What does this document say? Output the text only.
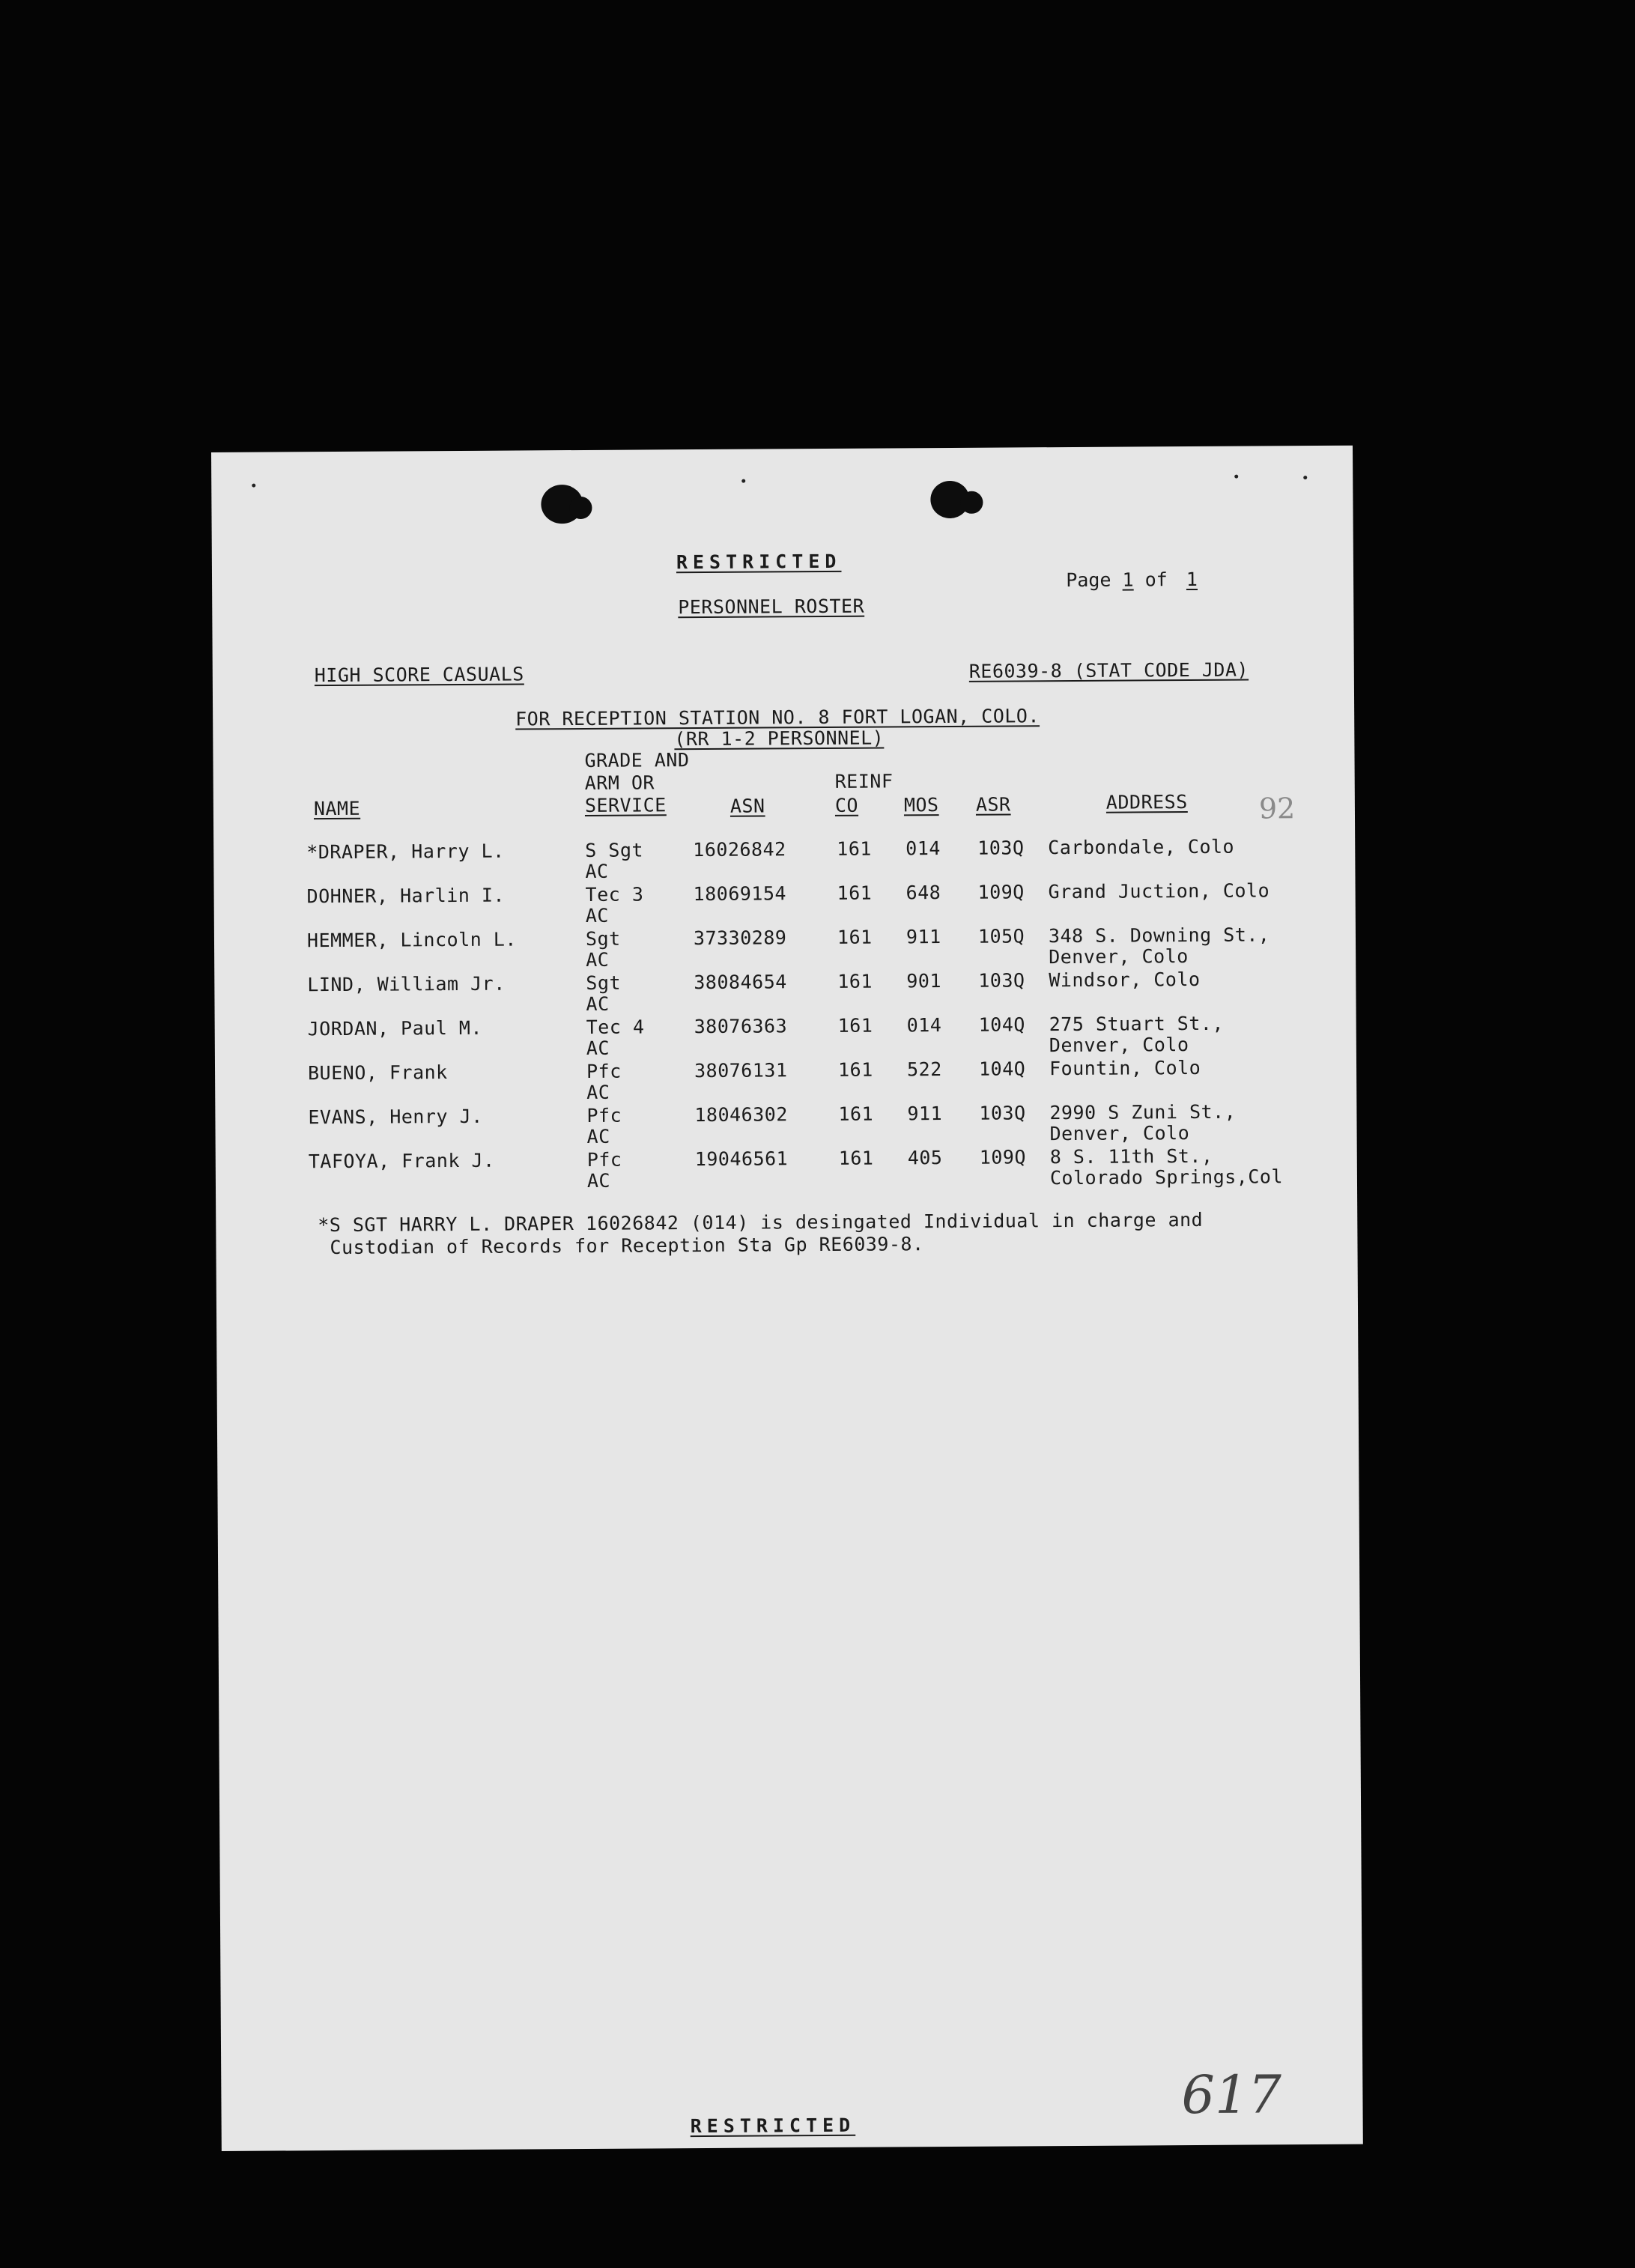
RESTRICTED

Page 1 of 1

PERSONNEL ROSTER
HIGH SCORE CASUALS	RE6039-8 (STAT CODE JDA)
FOR RECEPTION STATION NO. 8 FORT LOGAN, COLO.
(RR 1-2 PERSONNEL)
GRADE AND
ARM OR	REINF
NAME	SERVICE	ASN	CO MOS ASR	ADDRESS 92
*DRAPER, Harry L.	S Sgt	16026842	161 014 103Q Carbondale, Colo
AC
DOHNER, Harlin I.	Tec 3	18069154	161 648 109Q Grand Juction, Colo
AC
HEMMER, Lincoln L.	Sgt	37330289	161 911 105Q 348 S. Downing St.,
AC	Denver, Colo
LIND, William Jr.	Sgt	38084654	161 901 103Q Windsor, Colo
AC
JORDAN, Paul M.	Tec 4	38076363	161 014 104Q 275 Stuart St.,
AC	Denver, Colo
BUENO, Frank	Pfc	38076131	161 522 104Q Fountin, Colo
AC
EVANS, Henry J.	Pfc	18046302	161 911 103Q 2990 S Zuni St.,
AC	Denver, Colo
TAFOYA, Frank J.	Pfc	19046561	161 405 109Q 8 S. 11th St.,
AC	Colorado Springs,Col
*S SGT HARRY L. DRAPER 16026842 (014) is desingated Individual in charge and
Custodian of Records for Reception Sta Gp RE6039-8.
617
RESTRICTED
